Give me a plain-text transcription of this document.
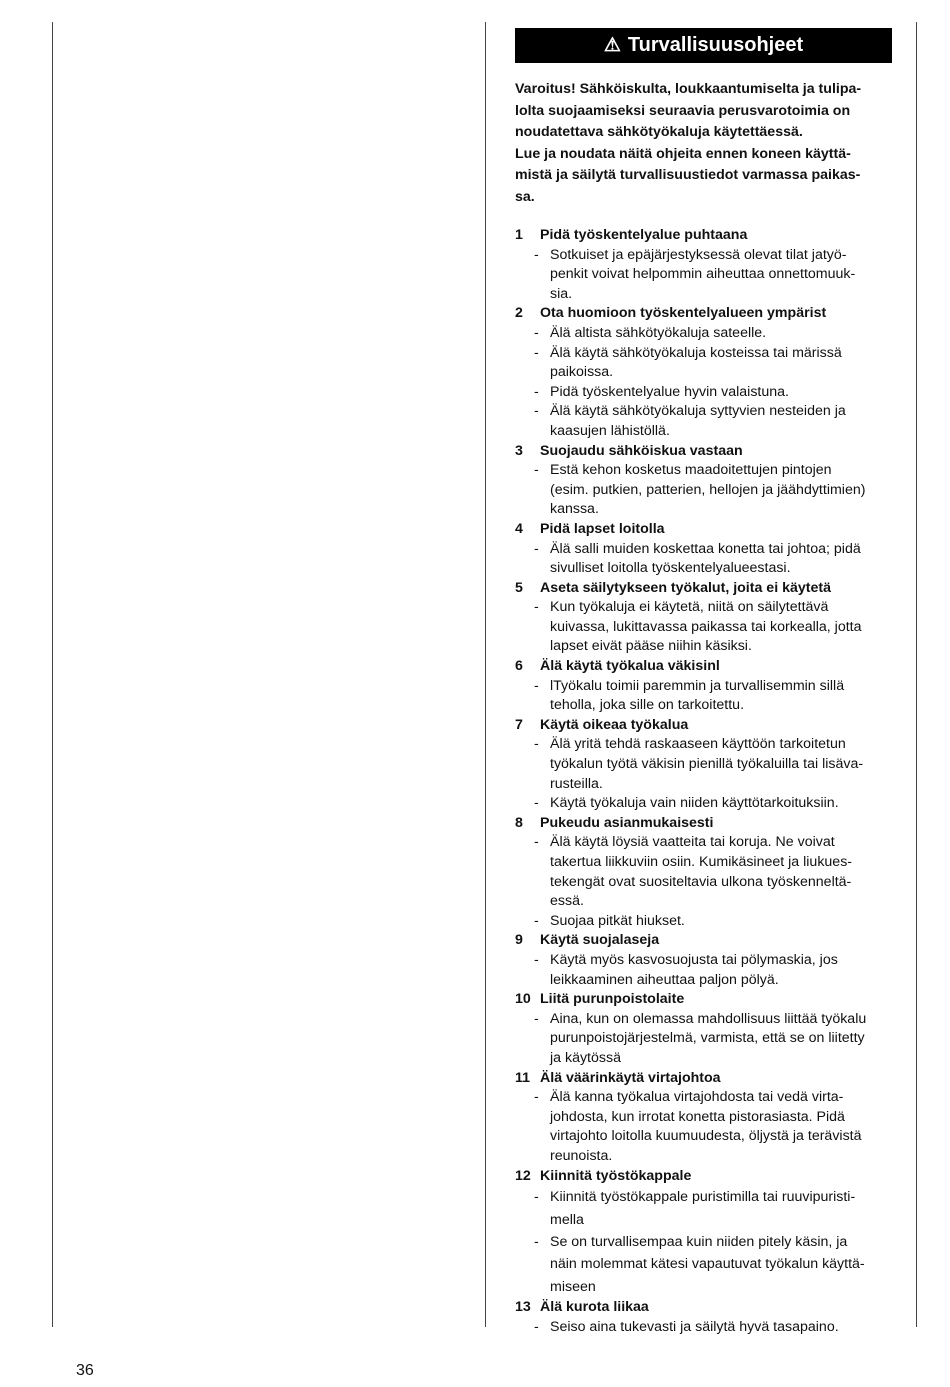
⚠ Turvallisuusohjeet
Varoitus! Sähköiskulta, loukkaantumiselta ja tulipa-
lolta suojaamiseksi seuraavia perusvarotoimia on
noudatettava sähkötyökaluja käytettäessä.
Lue ja noudata näitä ohjeita ennen koneen käyttä-
mistä ja säilytä turvallisuustiedot varmassa paikas-
sa.
1	Pidä työskentelyalue puhtaana
- Sotkuiset ja epäjärjestyksessä olevat tilat jatyö-
penkit voivat helpommin aiheuttaa onnettomuuk-
sia.
2	Ota huomioon työskentelyalueen ympärist
- Älä altista sähkötyökaluja sateelle.
- Älä käytä sähkötyökaluja kosteissa tai märissä
paikoissa.
- Pidä työskentelyalue hyvin valaistuna.
- Älä käytä sähkötyökaluja syttyvien nesteiden ja
kaasujen lähistöllä.
3	Suojaudu sähköiskua vastaan
- Estä kehon kosketus maadoitettujen pintojen
(esim. putkien, patterien, hellojen ja jäähdyttimien)
kanssa.
4	Pidä lapset loitolla
- Älä salli muiden koskettaa konetta tai johtoa; pidä
sivulliset loitolla työskentelyalueestasi.
5	Aseta säilytykseen työkalut, joita ei käytetä
- Kun työkaluja ei käytetä, niitä on säilytettävä
kuivassa, lukittavassa paikassa tai korkealla, jotta
lapset eivät pääse niihin käsiksi.
6	Älä käytä työkalua väkisinl
- lTyökalu toimii paremmin ja turvallisemmin sillä
teholla, joka sille on tarkoitettu.
7	Käytä oikeaa työkalua
- Älä yritä tehdä raskaaseen käyttöön tarkoitetun
työkalun työtä väkisin pienillä työkaluilla tai lisäva-
rusteilla.
- Käytä työkaluja vain niiden käyttötarkoituksiin.
8	Pukeudu asianmukaisesti
- Älä käytä löysiä vaatteita tai koruja. Ne voivat
takertua liikkuviin osiin. Kumikäsineet ja liukues-
tekengät ovat suositeltavia ulkona työskenneltä-
essä.
- Suojaa pitkät hiukset.
9	Käytä suojalaseja
- Käytä myös kasvosuojusta tai pölymaskia, jos
leikkaaminen aiheuttaa paljon pölyä.
10 Liitä purunpoistolaite
- Aina, kun on olemassa mahdollisuus liittää työkalu
purunpoistojärjestelmä, varmista, että se on liitetty
ja käytössä
11 Älä väärinkäytä virtajohtoa
- Älä kanna työkalua virtajohdosta tai vedä virta-
johdosta, kun irrotat konetta pistorasiasta. Pidä
virtajohto loitolla kuumuudesta, öljystä ja terävistä
reunoista.
12 Kiinnitä työstökappale
- Kiinnitä työstökappale puristimilla tai ruuvipuristi-
mella
- Se on turvallisempaa kuin niiden pitely käsin, ja
näin molemmat kätesi vapautuvat työkalun käyttä-
miseen
13 Älä kurota liikaa
- Seiso aina tukevasti ja säilytä hyvä tasapaino.
36
